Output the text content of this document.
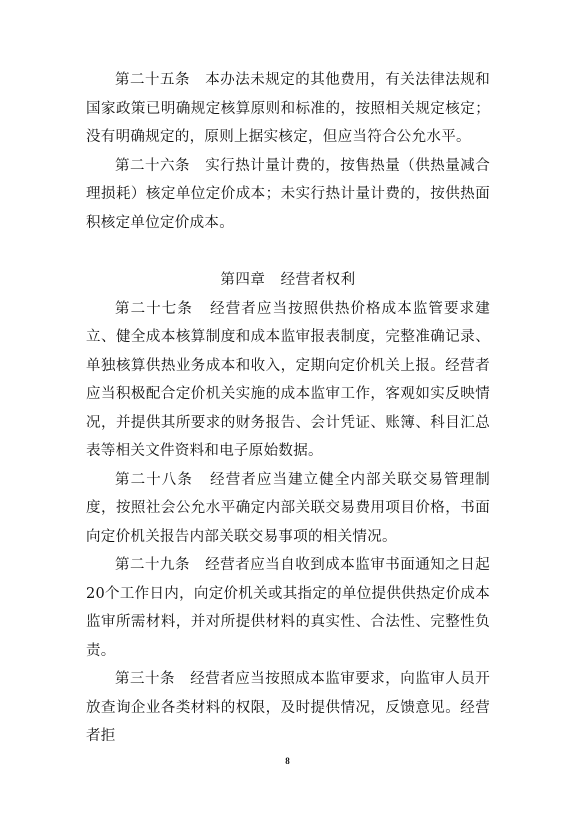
第二十五条 本办法未规定的其他费用，有关法律法规和国家政策已明确规定核算原则和标准的，按照相关规定核定；没有明确规定的，原则上据实核定，但应当符合公允水平。

第二十六条 实行热计量计费的，按售热量（供热量减合理损耗）核定单位定价成本；未实行热计量计费的，按供热面积核定单位定价成本。

第四章 经营者权利

第二十七条 经营者应当按照供热价格成本监管要求建立、健全成本核算制度和成本监审报表制度，完整准确记录、单独核算供热业务成本和收入，定期向定价机关上报。经营者应当积极配合定价机关实施的成本监审工作，客观如实反映情况，并提供其所要求的财务报告、会计凭证、账簿、科目汇总表等相关文件资料和电子原始数据。

第二十八条 经营者应当建立健全内部关联交易管理制度，按照社会公允水平确定内部关联交易费用项目价格，书面向定价机关报告内部关联交易事项的相关情况。

第二十九条 经营者应当自收到成本监审书面通知之日起20个工作日内，向定价机关或其指定的单位提供供热定价成本监审所需材料，并对所提供材料的真实性、合法性、完整性负责。

第三十条 经营者应当按照成本监审要求，向监审人员开放查询企业各类材料的权限，及时提供情况，反馈意见。经营者拒

8
